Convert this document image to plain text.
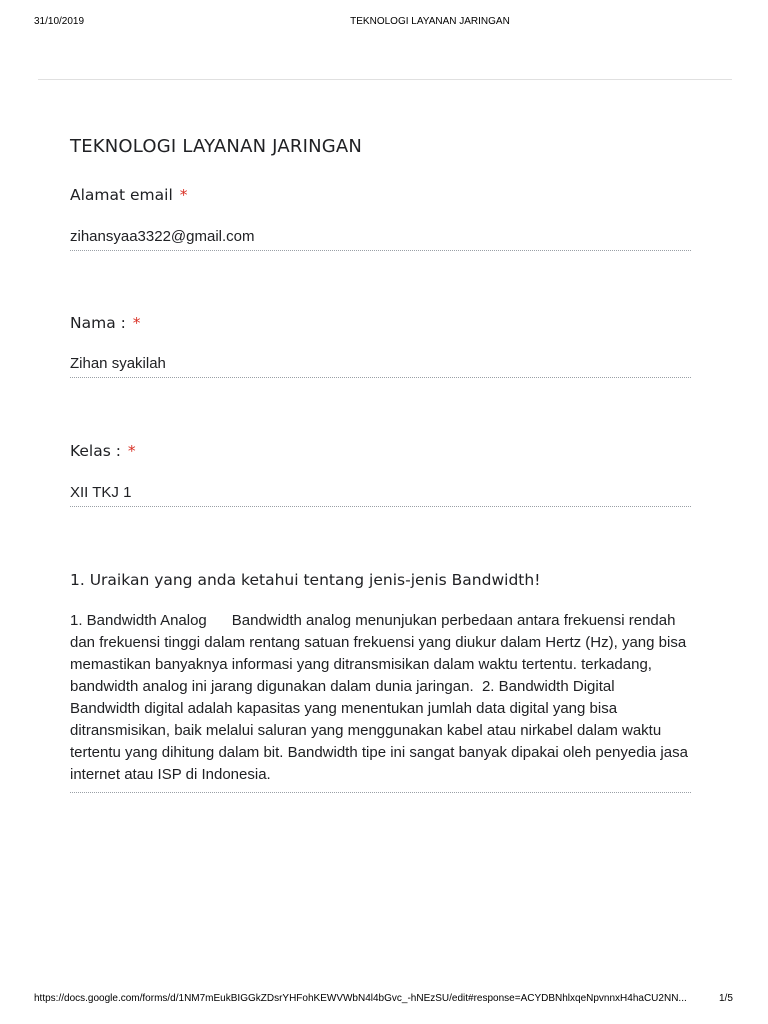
31/10/2019	TEKNOLOGI LAYANAN JARINGAN
TEKNOLOGI LAYANAN JARINGAN

Alamat email *

zihansyaa3322@gmail.com

Nama : *

Zihan syakilah

Kelas : *

XII TKJ 1

1. Uraikan yang anda ketahui tentang jenis-jenis Bandwidth!

1. Bandwidth Analog      Bandwidth analog menunjukan perbedaan antara frekuensi rendah dan frekuensi tinggi dalam rentang satuan frekuensi yang diukur dalam Hertz (Hz), yang bisa memastikan banyaknya informasi yang ditransmisikan dalam waktu tertentu. terkadang, bandwidth analog ini jarang digunakan dalam dunia jaringan.  2. Bandwidth Digital       Bandwidth digital adalah kapasitas yang menentukan jumlah data digital yang bisa ditransmisikan, baik melalui saluran yang menggunakan kabel atau nirkabel dalam waktu tertentu yang dihitung dalam bit. Bandwidth tipe ini sangat banyak dipakai oleh penyedia jasa internet atau ISP di Indonesia.
https://docs.google.com/forms/d/1NM7mEukBIGGkZDsrYHFohKEWVWbN4l4bGvc_-hNEzSU/edit#response=ACYDBNhlxqeNpvnnxH4haCU2NN...	1/5
